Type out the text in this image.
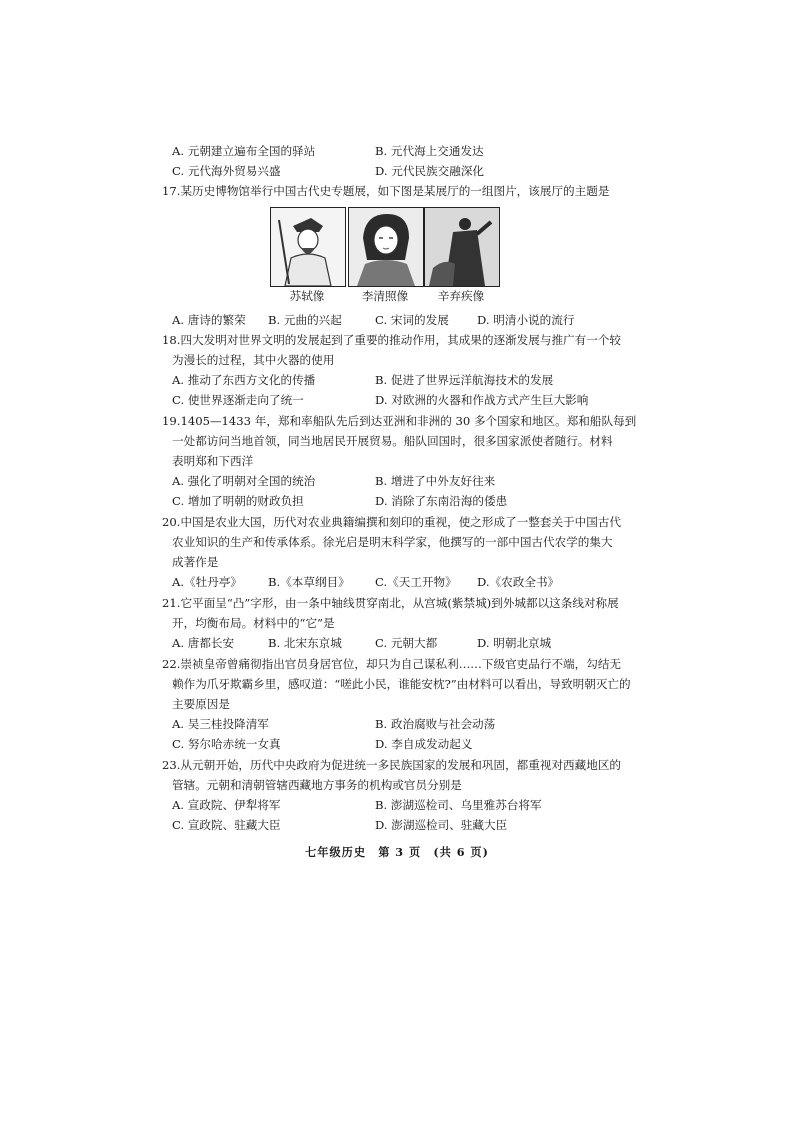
A. 元朝建立遍布全国的驿站	B. 元代海上交通发达
C. 元代海外贸易兴盛	D. 元代民族交融深化
17.某历史博物馆举行中国古代史专题展，如下图是某展厅的一组图片，该展厅的主题是
苏轼像	李清照像	辛弃疾像
A. 唐诗的繁荣 B. 元曲的兴起	C. 宋词的发展 D. 明清小说的流行
18.四大发明对世界文明的发展起到了重要的推动作用，其成果的逐渐发展与推广有一个较
为漫长的过程，其中火器的使用
A. 推动了东西方文化的传播	B. 促进了世界远洋航海技术的发展
C. 使世界逐渐走向了统一	D. 对欧洲的火器和作战方式产生巨大影响
19.1405—1433 年，郑和率船队先后到达亚洲和非洲的 30 多个国家和地区。郑和船队每到
一处都访问当地首领，同当地居民开展贸易。船队回国时，很多国家派使者随行。材料
表明郑和下西洋
A. 强化了明朝对全国的统治	B. 增进了中外友好往来
C. 增加了明朝的财政负担	D. 消除了东南沿海的倭患
20.中国是农业大国，历代对农业典籍编撰和刻印的重视，使之形成了一整套关于中国古代
农业知识的生产和传承体系。徐光启是明末科学家，他撰写的一部中国古代农学的集大
成著作是
A.《牡丹亭》 B.《本草纲目》 C.《天工开物》 D.《农政全书》
21.它平面呈“凸”字形，由一条中轴线贯穿南北，从宫城(紫禁城)到外城都以这条线对称展
开，均衡布局。材料中的“它”是
A. 唐都长安	B. 北宋东京城	C. 元朝大都	D. 明朝北京城
22.崇祯皇帝曾痛彻指出官员身居官位，却只为自己谋私利……下级官吏品行不端，勾结无
赖作为爪牙欺霸乡里，感叹道：“嗟此小民，谁能安枕?”由材料可以看出，导致明朝灭亡的
主要原因是
A. 吴三桂投降清军	B. 政治腐败与社会动荡
C. 努尔哈赤统一女真	D. 李自成发动起义
23.从元朝开始，历代中央政府为促进统一多民族国家的发展和巩固，都重视对西藏地区的
管辖。元朝和清朝管辖西藏地方事务的机构或官员分别是
A. 宣政院、伊犁将军	B. 澎湖巡检司、乌里雅苏台将军
C. 宣政院、驻藏大臣	D. 澎湖巡检司、驻藏大臣
七年级历史　第 3 页　(共 6 页)
